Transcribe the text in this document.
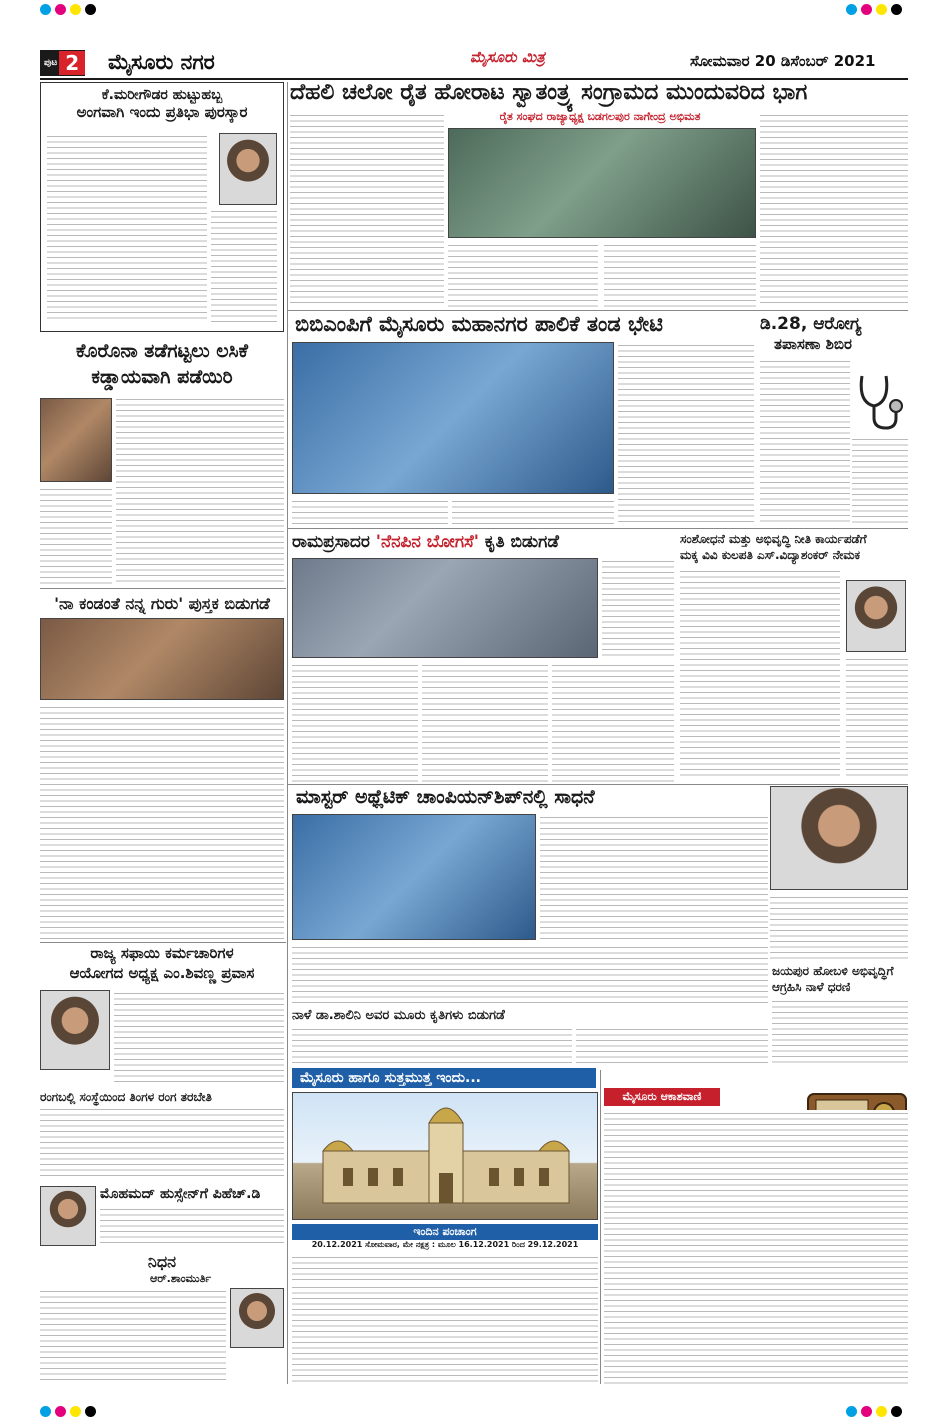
ಪುಟ 2 ಮೈಸೂರು ನಗರ	ಮೈಸೂರು ಮಿತ್ರ	ಸೋಮವಾರ 20 ಡಿಸೆಂಬರ್ 2021
ಕೆ.ಮರೀಗೌಡರ ಹುಟ್ಟುಹಬ್ಬ
ಅಂಗವಾಗಿ ಇಂದು ಪ್ರತಿಭಾ ಪುರಸ್ಕಾರ
ದೆಹಲಿ ಚಲೋ ರೈತ ಹೋರಾಟ ಸ್ವಾತಂತ್ರ್ಯ ಸಂಗ್ರಾಮದ ಮುಂದುವರಿದ ಭಾಗ
ರೈತ ಸಂಘದ ರಾಜ್ಯಾಧ್ಯಕ್ಷ ಬಡಗಲಪುರ ನಾಗೇಂದ್ರ ಅಭಿಮತ
ಕೊರೊನಾ ತಡೆಗಟ್ಟಲು ಲಸಿಕೆ
ಕಡ್ಡಾಯವಾಗಿ ಪಡೆಯಿರಿ
ಬಿಬಿಎಂಪಿಗೆ ಮೈಸೂರು ಮಹಾನಗರ ಪಾಲಿಕೆ ತಂಡ ಭೇಟಿ	ಡಿ.28, ಆರೋಗ್ಯ
ತಪಾಸಣಾ ಶಿಬಿರ
'ನಾ ಕಂಡಂತೆ ನನ್ನ ಗುರು' ಪುಸ್ತಕ ಬಿಡುಗಡೆ
ರಾಮಪ್ರಸಾದರ 'ನೆನಪಿನ ಬೋಗಸೆ' ಕೃತಿ ಬಿಡುಗಡೆ	ಸಂಶೋಧನೆ ಮತ್ತು ಅಭಿವೃದ್ಧಿ ನೀತಿ ಕಾರ್ಯಪಡೆಗೆ
ಮಕ್ಕ ವಿವಿ ಕುಲಪತಿ ಎಸ್.ವಿದ್ಯಾಶಂಕರ್ ನೇಮಕ
ಮಾಸ್ಟರ್ ಅಥ್ಲೆಟಿಕ್ ಚಾಂಪಿಯನ್‌ಶಿಪ್‌ನಲ್ಲಿ ಸಾಧನೆ
ರಾಜ್ಯ ಸಫಾಯಿ ಕರ್ಮಚಾರಿಗಳ
ಆಯೋಗದ ಅಧ್ಯಕ್ಷ ಎಂ.ಶಿವಣ್ಣ ಪ್ರವಾಸ
ರಂಗಬಲ್ಲಿ ಸಂಸ್ಥೆಯಿಂದ ತಿಂಗಳ ರಂಗ ತರಬೇತಿ
ಮೊಹಮದ್ ಹುಸ್ಸೇನ್‌ಗೆ ಪಿಹೆಚ್.ಡಿ
ನಿಧನ
ಆರ್.ಶಾಂಮುರ್ತಿ
ನಾಳೆ ಡಾ.ಶಾಲಿನಿ ಅವರ ಮೂರು ಕೃತಿಗಳು ಬಿಡುಗಡೆ
ಜಯಪುರ ಹೋಬಳಿ ಅಭಿವೃದ್ಧಿಗೆ
ಆಗ್ರಹಿಸಿ ನಾಳೆ ಧರಣಿ
ಮೈಸೂರು ಹಾಗೂ ಸುತ್ತಮುತ್ತ ಇಂದು...
ಇಂದಿನ ಪಂಚಾಂಗ
20.12.2021 ಸೋಮವಾರ, ಮೇ ನಕ್ಷತ್ರ : ಮೂಲ 16.12.2021 ರಿಂದ 29.12.2021
ಮೈಸೂರು ಆಕಾಶವಾಣಿ
